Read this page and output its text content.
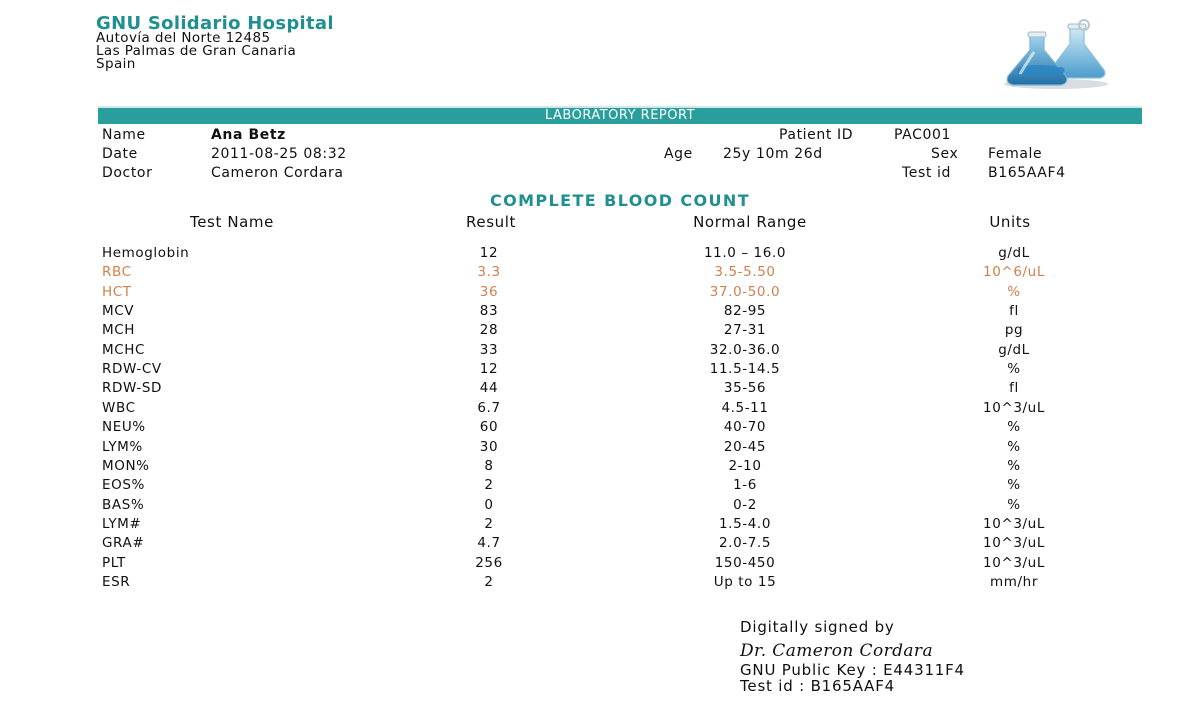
GNU Solidario Hospital
Autovía del Norte 12485
Las Palmas de Gran Canaria
Spain
LABORATORY REPORT
Name	Ana Betz
Date	2011-08-25 08:32
Doctor	Cameron Cordara
Patient ID	PAC001
Age 25y 10m 26d	Sex Female
Test id	B165AAF4
COMPLETE BLOOD COUNT
Test Name	Result	Normal Range	Units
Hemoglobin	12	11.0 – 16.0	g/dL
RBC	3.3	3.5-5.50	10^6/uL
HCT	36	37.0-50.0	%
MCV	83	82-95	fl
MCH	28	27-31	pg
MCHC	33	32.0-36.0	g/dL
RDW-CV	12	11.5-14.5	%
RDW-SD	44	35-56	fl
WBC	6.7	4.5-11	10^3/uL
NEU%	60	40-70	%
LYM%	30	20-45	%
MON%	8	2-10	%
EOS%	2	1-6	%
BAS%	0	0-2	%
LYM#	2	1.5-4.0	10^3/uL
GRA#	4.7	2.0-7.5	10^3/uL
PLT	256	150-450	10^3/uL
ESR	2	Up to 15	mm/hr
Digitally signed by
Dr. Cameron Cordara
GNU Public Key : E44311F4
Test id : B165AAF4
